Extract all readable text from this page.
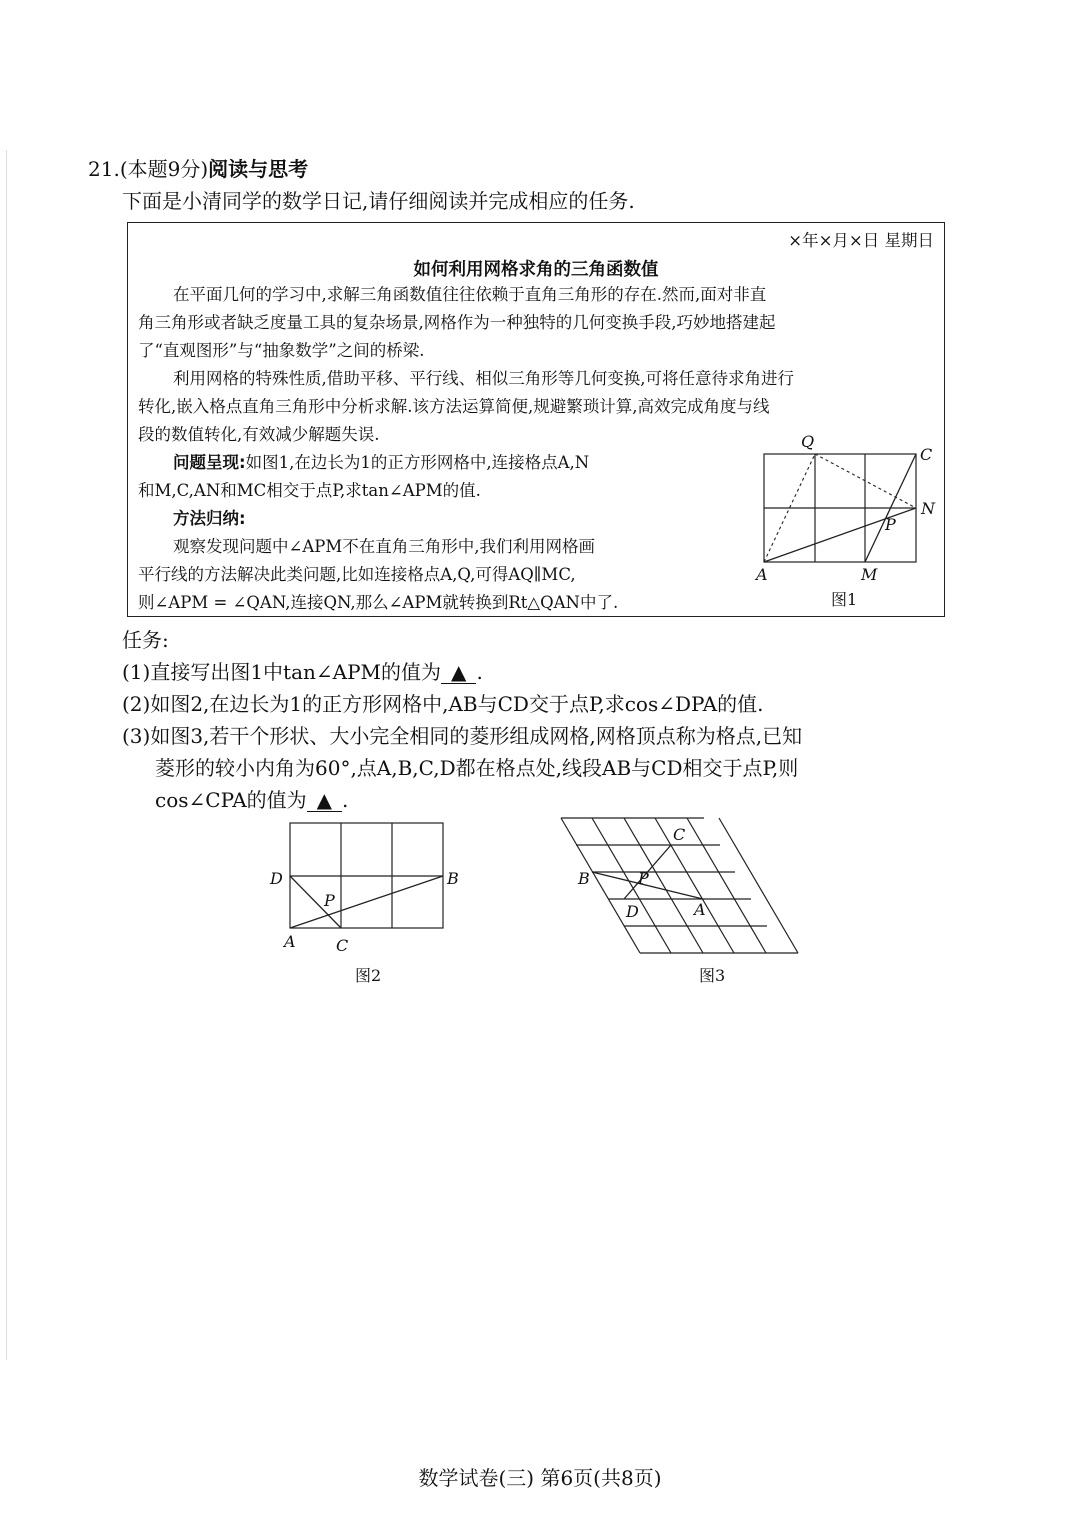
21.(本题9分)阅读与思考
下面是小清同学的数学日记,请仔细阅读并完成相应的任务.
×年×月×日 星期日
如何利用网格求角的三角函数值
在平面几何的学习中,求解三角函数值往往依赖于直角三角形的存在.然而,面对非直
角三角形或者缺乏度量工具的复杂场景,网格作为一种独特的几何变换手段,巧妙地搭建起
了“直观图形”与“抽象数学”之间的桥梁.
利用网格的特殊性质,借助平移、平行线、相似三角形等几何变换,可将任意待求角进行
转化,嵌入格点直角三角形中分析求解.该方法运算简便,规避繁琐计算,高效完成角度与线
段的数值转化,有效减少解题失误.
问题呈现:如图1,在边长为1的正方形网格中,连接格点A,N
和M,C,AN和MC相交于点P,求tan∠APM的值.
方法归纳:
观察发现问题中∠APM不在直角三角形中,我们利用网格画
平行线的方法解决此类问题,比如连接格点A,Q,可得AQ∥MC,
则∠APM = ∠QAN,连接QN,那么∠APM就转换到Rt△QAN中了.
Q
C
N
P
A	M
图1
任务:
(1)直接写出图1中tan∠APM的值为 ▲ .
(2)如图2,在边长为1的正方形网格中,AB与CD交于点P,求cos∠DPA的值.
(3)如图3,若干个形状、大小完全相同的菱形组成网格,网格顶点称为格点,已知
菱形的较小内角为60°,点A,B,C,D都在格点处,线段AB与CD相交于点P,则
cos∠CPA的值为 ▲ .
D	B
P
A	C
图2
C
B	P
D	A
图3
数学试卷(三) 第6页(共8页)
